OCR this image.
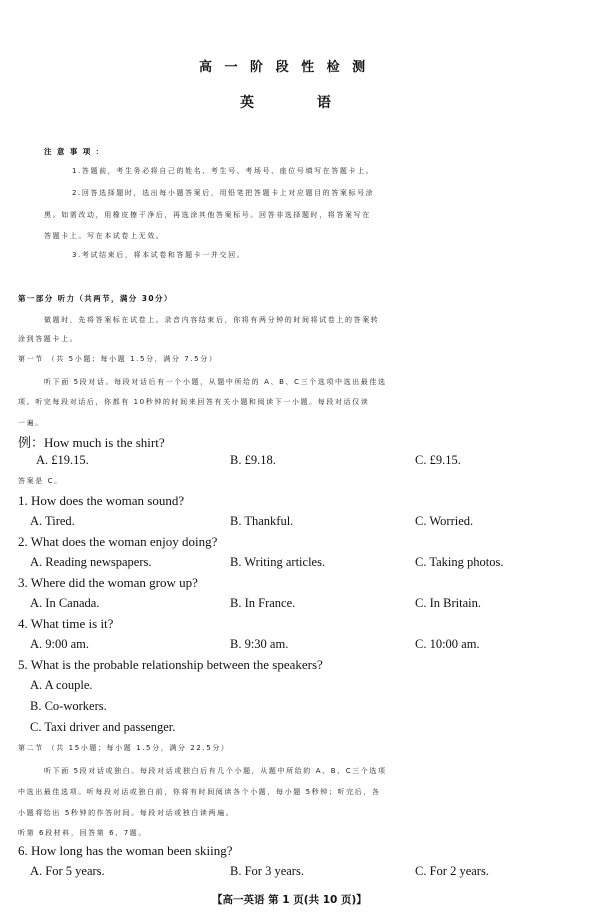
高 一 阶 段 性 检 测
英 语
注 意 事 项 ：
1.答题前，考生务必将自己的姓名、考生号、考场号、座位号填写在答题卡上。
2.回答选择题时，选出每小题答案后，用铅笔把答题卡上对应题目的答案标号涂
黑。如需改动，用橡皮擦干净后，再选涂其他答案标号。回答非选择题时，将答案写在
答题卡上。写在本试卷上无效。
3.考试结束后，将本试卷和答题卡一并交回。
第一部分 听力（共两节，满分 30分）
做题时，先将答案标在试卷上。录音内容结束后，你将有两分钟的时间将试卷上的答案转
涂到答题卡上。
第一节 （共 5小题；每小题 1.5分，满分 7.5分）
听下面 5段对话。每段对话后有一个小题，从题中所给的 A、B、C三个选项中选出最佳选
项。听完每段对话后，你都有 10秒钟的时间来回答有关小题和阅读下一小题。每段对话仅读
一遍。
例：How much is the shirt?
A. £19.15.	B. £9.18.	C. £9.15.
答案是 C。
1. How does the woman sound?
A. Tired.	B. Thankful.	C. Worried.
2. What does the woman enjoy doing?
A. Reading newspapers.	B. Writing articles.	C. Taking photos.
3. Where did the woman grow up?
A. In Canada.	B. In France.	C. In Britain.
4. What time is it?
A. 9:00 am.	B. 9:30 am.	C. 10:00 am.
5. What is the probable relationship between the speakers?
A. A couple.
B. Co-workers.
C. Taxi driver and passenger.
第二节 （共 15小题；每小题 1.5分，满分 22.5分）
听下面 5段对话或独白。每段对话或独白后有几个小题，从题中所给的 A、B、C三个选项
中选出最佳选项。听每段对话或独白前，你将有时间阅读各个小题，每小题 5秒钟；听完后，各
小题将给出 5秒钟的作答时间。每段对话或独白读两遍。
听第 6段材料，回答第 6、7题。
6. How long has the woman been skiing?
A. For 5 years.	B. For 3 years.	C. For 2 years.
【高一英语 第 1 页(共 10 页)】
